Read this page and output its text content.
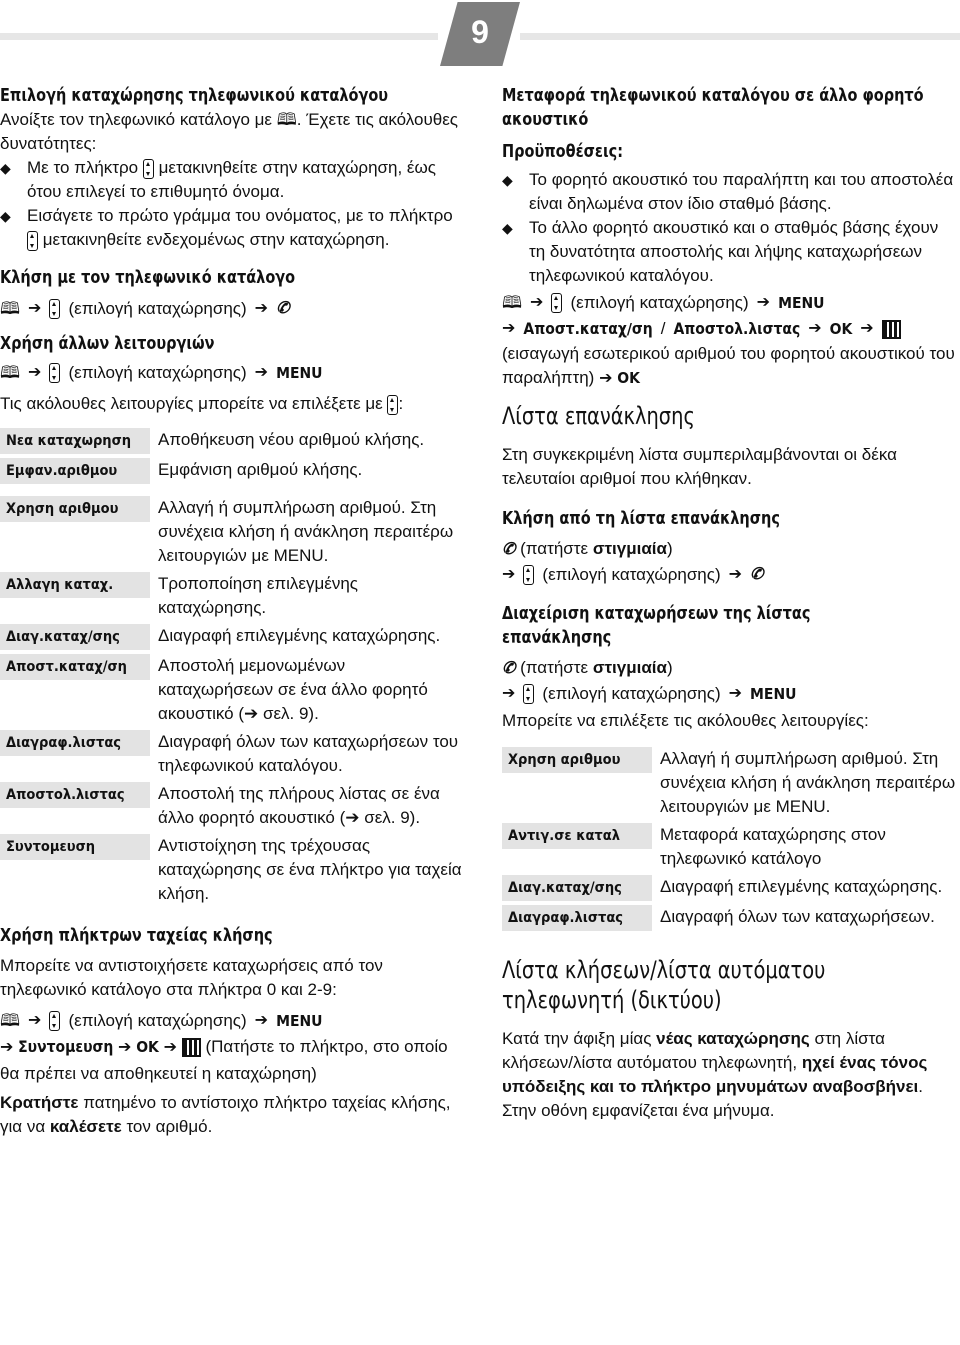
9
Επιλογή καταχώρησης τηλεφωνικού καταλόγου

Ανοίξτε τον τηλεφωνικό κατάλογο με 🕮. Έχετε τις ακόλουθες δυνατότητες:

◆ Με το πλήκτρο μετακινηθείτε στην καταχώρηση, έως ότου επιλεγεί το επιθυμητό όνομα.
◆ Εισάγετε το πρώτο γράμμα του ονόματος, με το πλήκτρο  μετακινηθείτε ενδεχομένως στην καταχώρηση.
Κλήση με τον τηλεφωνικό κατάλογο
🕮 ➔ (επιλογή καταχώρησης) ➔ ✆
Χρήση άλλων λειτουργιών
🕮 ➔ (επιλογή καταχώρησης) ➔ MENU

Τις ακόλουθες λειτουργίες μπορείτε να επιλέξετε με :

Νεα καταχωρηση	Αποθήκευση νέου αριθμού κλήσης.

Εμφαν.αριθμου	Εμφάνιση αριθμού κλήσης.

Χρηση αριθμου	Αλλαγή ή συμπλήρωση αριθμού. Στη συνέχεια κλήση ή ανάκληση περαιτέρω λειτουργιών με MENU.

Αλλαγη καταχ.	Τροποποίηση επιλεγμένης καταχώρησης.

Διαγ.καταχ/σης	Διαγραφή επιλεγμένης καταχώρησης.

Αποστ.καταχ/ση	Αποστολή μεμονωμένων καταχωρήσεων σε ένα άλλο φορητό ακουστικό (➔ σελ. 9).

Διαγραφ.λιστας	Διαγραφή όλων των καταχωρήσεων του τηλεφωνικού καταλόγου.

Αποστολ.λιστας	Αποστολή της πλήρους λίστας σε ένα άλλο φορητό ακουστικό (➔ σελ. 9).

Συντομευση	Αντιστοίχηση της τρέχουσας καταχώρησης σε ένα πλήκτρο για ταχεία κλήση.
Χρήση πλήκτρων ταχείας κλήσης

Μπορείτε να αντιστοιχήσετε καταχωρήσεις από τον τηλεφωνικό κατάλογο στα πλήκτρα 0 και 2-9:

🕮 ➔ (επιλογή καταχώρησης) ➔ MENU

➔ Συντομευση ➔ OK ➔ (Πατήστε το πλήκτρο, στο οποίο θα πρέπει να αποθηκευτεί η καταχώρηση)

Κρατήστε πατημένο το αντίστοιχο πλήκτρο ταχείας κλήσης, για να καλέσετε τον αριθμό.

Μεταφορά τηλεφωνικού καταλόγου σε άλλο φορητό ακουστικό
Προϋποθέσεις:
◆ Το φορητό ακουστικό του παραλήπτη και του αποστολέα είναι δηλωμένα στον ίδιο σταθμό βάσης.
◆ Το άλλο φορητό ακουστικό και ο σταθμός βάσης έχουν τη δυνατότητα αποστολής και λήψης καταχωρήσεων τηλεφωνικού καταλόγου.
🕮 ➔ (επιλογή καταχώρησης) ➔ MENU
➔ Αποστ.καταχ/ση / Αποστολ.λιστας ➔ OK ➔

(εισαγωγή εσωτερικού αριθμού του φορητού ακουστικού του παραλήπτη) ➔ OK

Λίστα επανάκλησης

Στη συγκεκριμένη λίστα συμπεριλαμβάνονται οι δέκα τελευταίοι αριθμοί που κλήθηκαν.

Κλήση από τη λίστα επανάκλησης

✆ (πατήστε στιγμιαία)

➔ (επιλογή καταχώρησης) ➔ ✆
Διαχείριση καταχωρήσεων της λίστας επανάκλησης

✆ (πατήστε στιγμιαία)

➔ (επιλογή καταχώρησης) ➔ MENU

Μπορείτε να επιλέξετε τις ακόλουθες λειτουργίες:

Χρηση αριθμου	Αλλαγή ή συμπλήρωση αριθμού. Στη συνέχεια κλήση ή ανάκληση περαιτέρω λειτουργιών με MENU.

Αντιγ.σε καταλ	Μεταφορά καταχώρησης στον τηλεφωνικό κατάλογο

Διαγ.καταχ/σης	Διαγραφή επιλεγμένης καταχώρησης.

Διαγραφ.λιστας	Διαγραφή όλων των καταχωρήσεων.
Λίστα κλήσεων/λίστα αυτόματου
τηλεφωνητή (δικτύου)

Κατά την άφιξη μίας νέας καταχώρησης στη λίστα κλήσεων/λίστα αυτόματου τηλεφωνητή, ηχεί ένας τόνος υπόδειξης και το πλήκτρο μηνυμάτων αναβοσβήνει. Στην οθόνη εμφανίζεται ένα μήνυμα.
